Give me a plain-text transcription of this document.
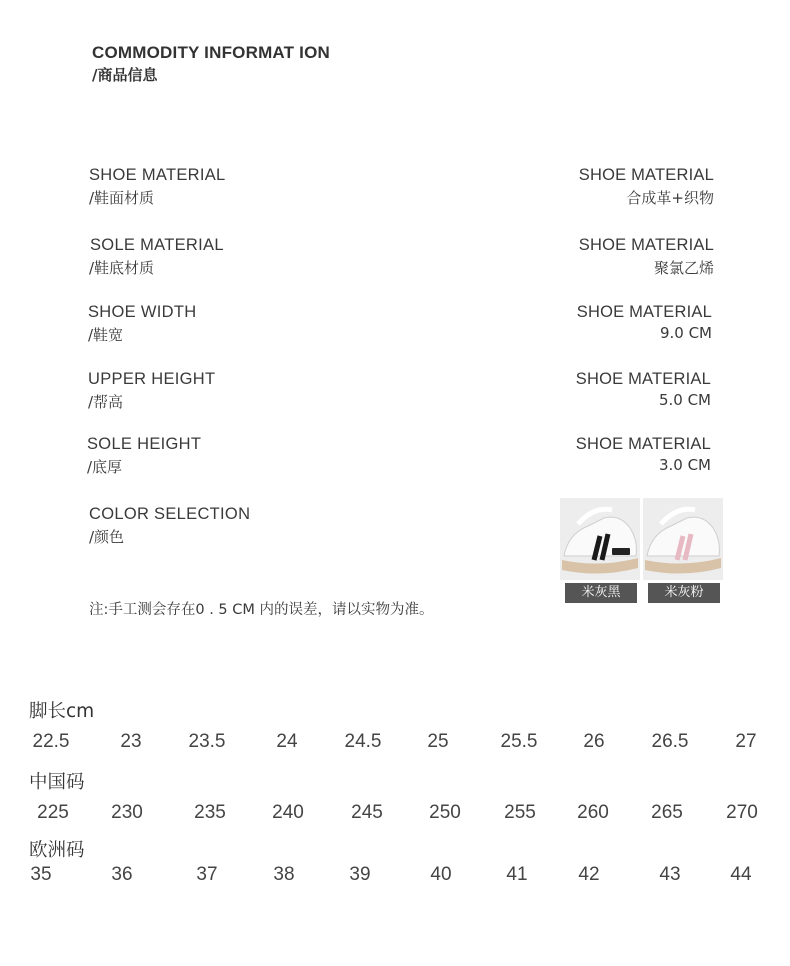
COMMODITY INFORMAT ION
/商品信息
SHOE MATERIAL
/鞋面材质
SHOE MATERIAL
合成革+织物
SOLE MATERIAL
/鞋底材质
SHOE MATERIAL
聚氯乙烯
SHOE WIDTH
/鞋宽
SHOE MATERIAL
9.0 CM
UPPER HEIGHT
/帮高
SHOE MATERIAL
5.0 CM
SOLE HEIGHT
/底厚
SHOE MATERIAL
3.0 CM
COLOR SELECTION
/颜色
米灰黑	米灰粉
注:手工测会存在0 . 5 CM 内的误差，请以实物为准。
脚长cm
22.5	23	23.5	24	24.5	25	25.5	26	26.5	27
中国码
225	230	235	240	245	250	255	260	265	270
欧洲码
35	36	37	38	39	40	41	42	43	44
